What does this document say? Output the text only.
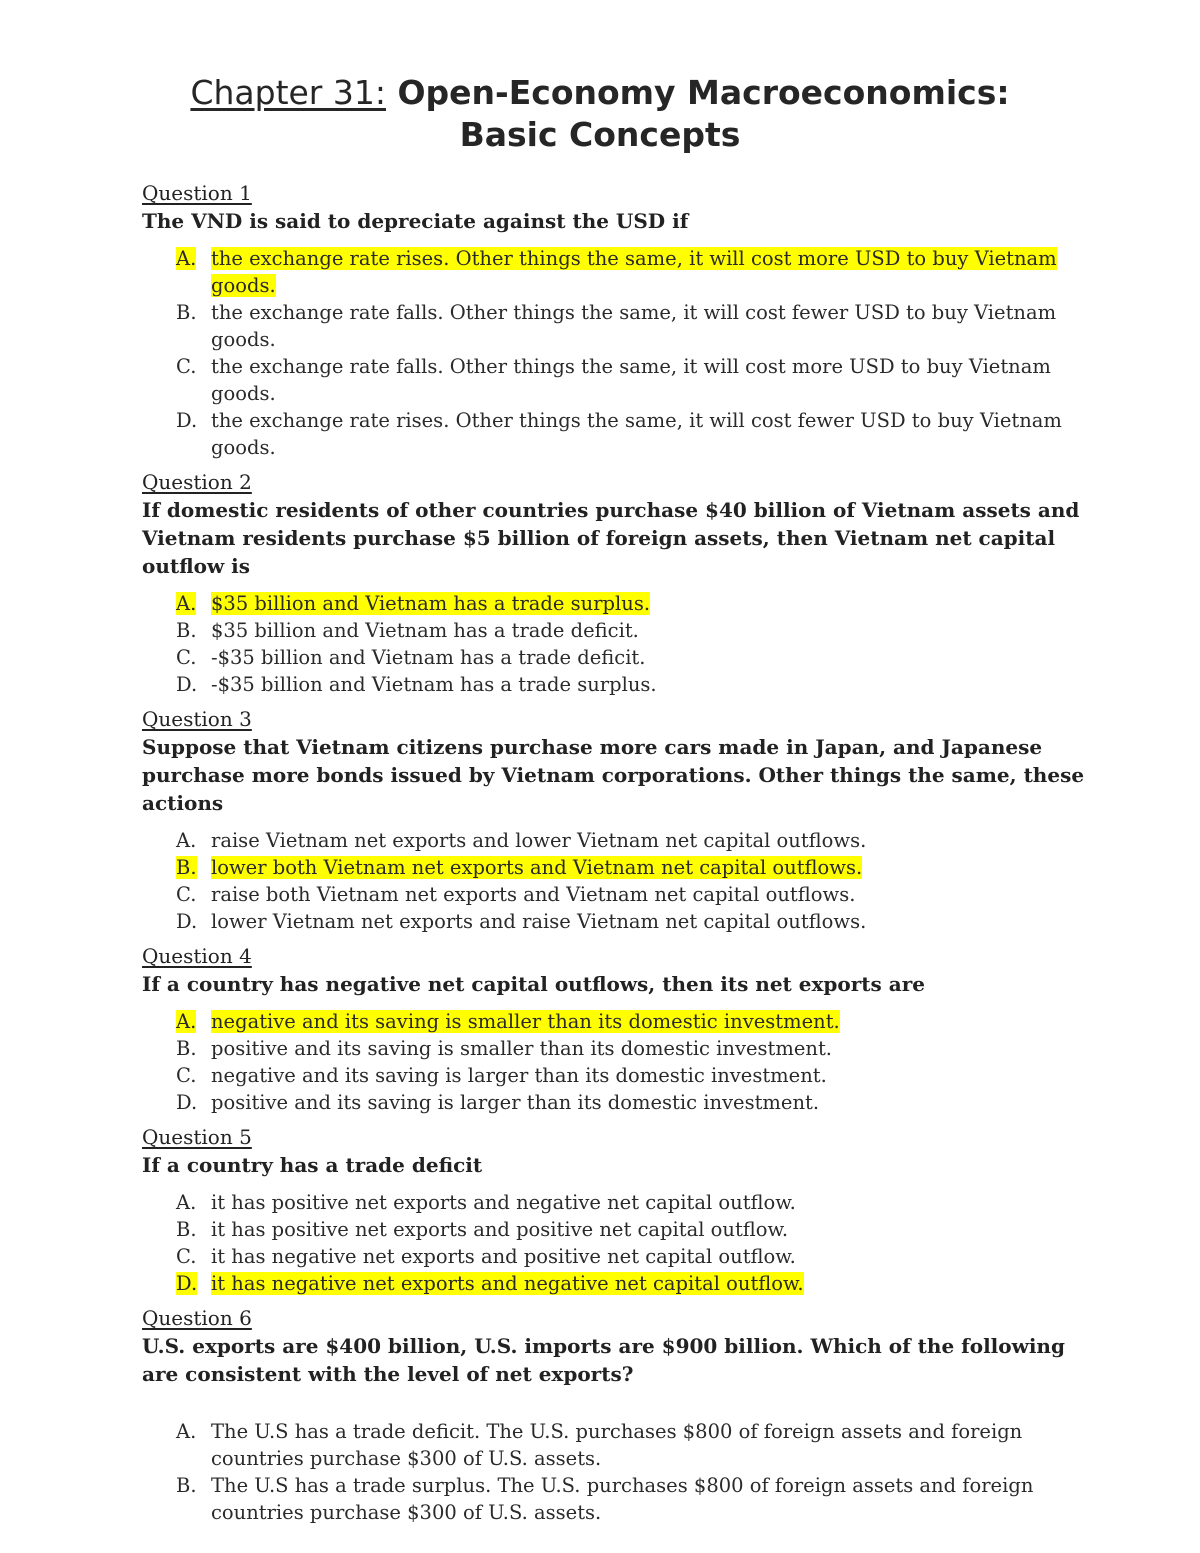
Chapter 31: Open-Economy Macroeconomics:
Basic Concepts
Question 1
The VND is said to depreciate against the USD if
A. the exchange rate rises. Other things the same, it will cost more USD to buy Vietnam goods.
B. the exchange rate falls. Other things the same, it will cost fewer USD to buy Vietnam goods.
C. the exchange rate falls. Other things the same, it will cost more USD to buy Vietnam goods.
D. the exchange rate rises. Other things the same, it will cost fewer USD to buy Vietnam goods.
Question 2
If domestic residents of other countries purchase $40 billion of Vietnam assets and Vietnam residents purchase $5 billion of foreign assets, then Vietnam net capital outflow is
A. $35 billion and Vietnam has a trade surplus.
B. $35 billion and Vietnam has a trade deficit.
C. -$35 billion and Vietnam has a trade deficit.
D. -$35 billion and Vietnam has a trade surplus.
Question 3
Suppose that Vietnam citizens purchase more cars made in Japan, and Japanese purchase more bonds issued by Vietnam corporations. Other things the same, these actions
A. raise Vietnam net exports and lower Vietnam net capital outflows.
B. lower both Vietnam net exports and Vietnam net capital outflows.
C. raise both Vietnam net exports and Vietnam net capital outflows.
D. lower Vietnam net exports and raise Vietnam net capital outflows.
Question 4
If a country has negative net capital outflows, then its net exports are
A. negative and its saving is smaller than its domestic investment.
B. positive and its saving is smaller than its domestic investment.
C. negative and its saving is larger than its domestic investment.
D. positive and its saving is larger than its domestic investment.
Question 5
If a country has a trade deficit
A. it has positive net exports and negative net capital outflow.
B. it has positive net exports and positive net capital outflow.
C. it has negative net exports and positive net capital outflow.
D. it has negative net exports and negative net capital outflow.
Question 6
U.S. exports are $400 billion, U.S. imports are $900 billion. Which of the following are consistent with the level of net exports?
A. The U.S has a trade deficit. The U.S. purchases $800 of foreign assets and foreign countries purchase $300 of U.S. assets.
B. The U.S has a trade surplus. The U.S. purchases $800 of foreign assets and foreign countries purchase $300 of U.S. assets.
